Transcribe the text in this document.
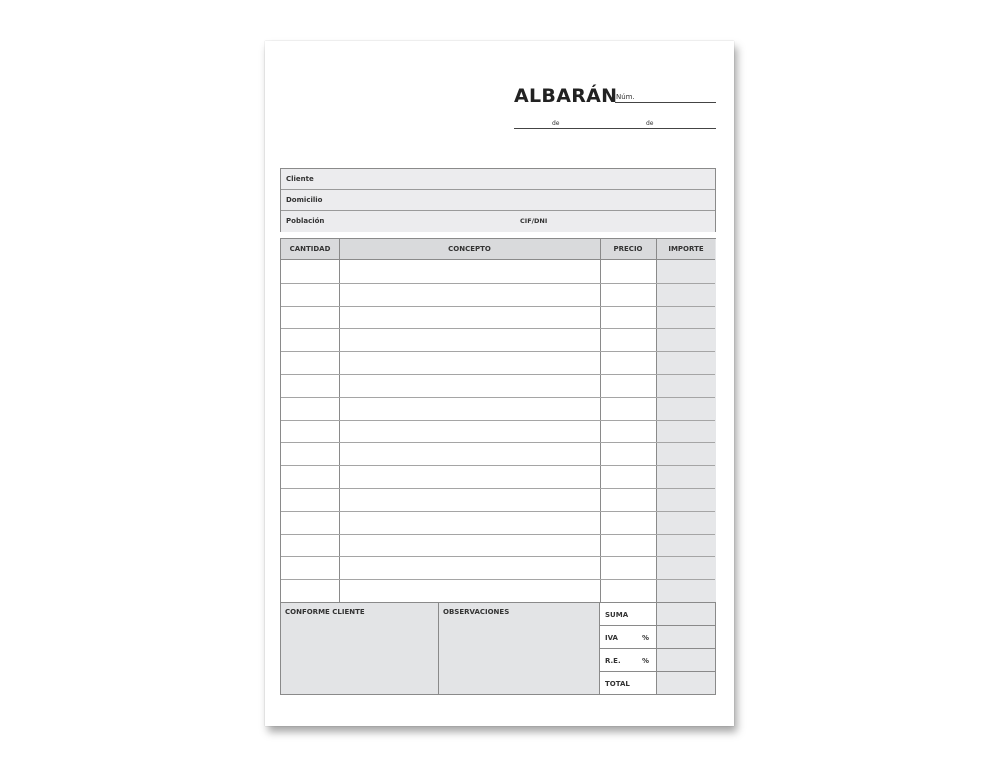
ALBARÁN
Núm.
de	de
Cliente
Domicilio
Población	CIF/DNI
CANTIDAD	CONCEPTO	PRECIO	IMPORTE
CONFORME CLIENTE	OBSERVACIONES	SUMA
IVA	%
R.E.	%
TOTAL
